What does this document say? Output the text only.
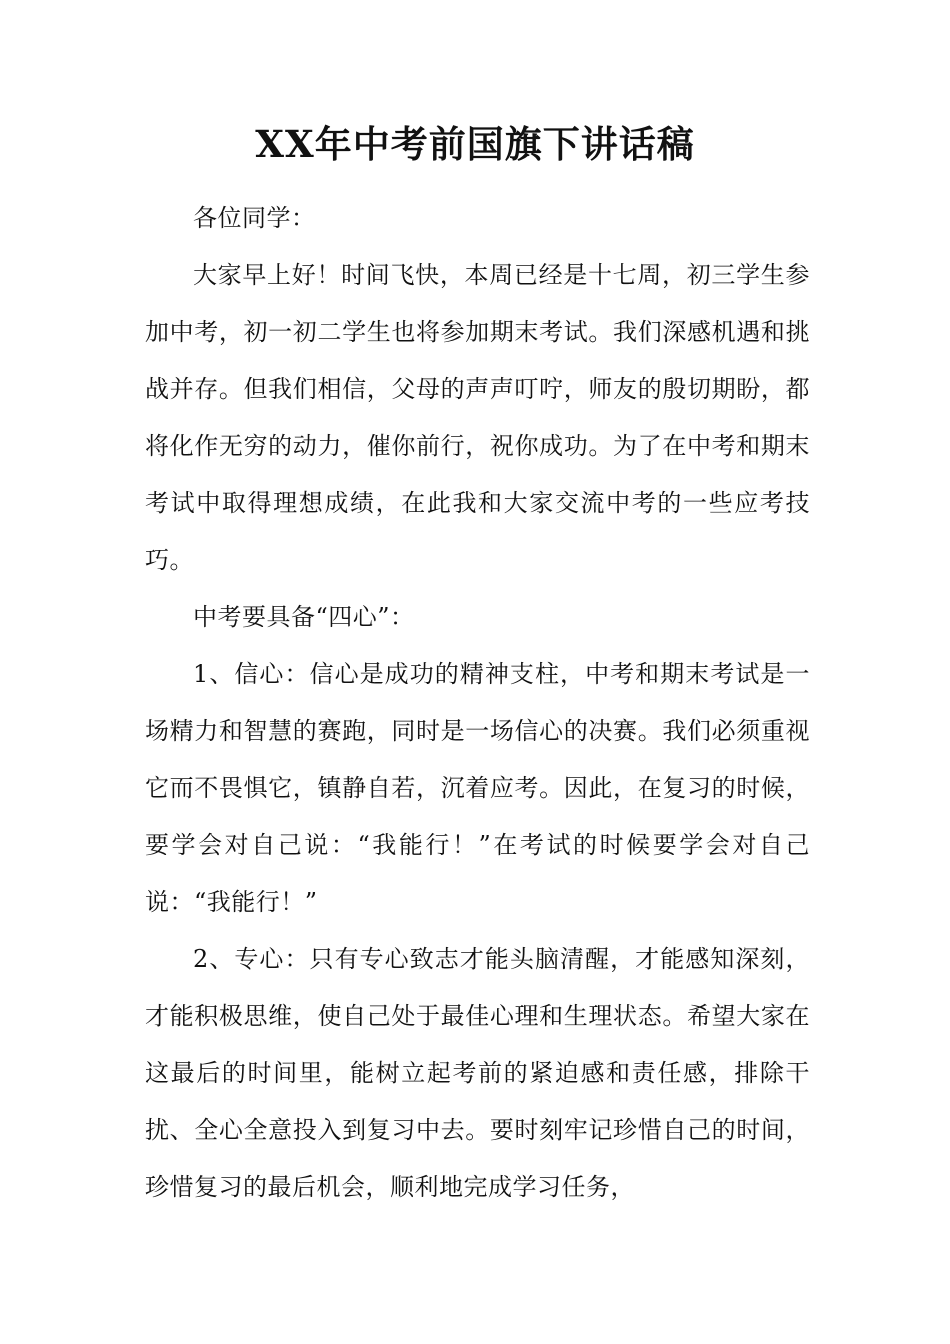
XX年中考前国旗下讲话稿

各位同学：

大家早上好！时间飞快，本周已经是十七周，初三学生参加中考，初一初二学生也将参加期末考试。我们深感机遇和挑战并存。但我们相信，父母的声声叮咛，师友的殷切期盼，都将化作无穷的动力，催你前行，祝你成功。为了在中考和期末考试中取得理想成绩，在此我和大家交流中考的一些应考技巧。

中考要具备“四心”：

1、信心：信心是成功的精神支柱，中考和期末考试是一场精力和智慧的赛跑，同时是一场信心的决赛。我们必须重视它而不畏惧它，镇静自若，沉着应考。因此，在复习的时候，要学会对自己说：“我能行！”在考试的时候要学会对自己说：“我能行！”

2、专心：只有专心致志才能头脑清醒，才能感知深刻，才能积极思维，使自己处于最佳心理和生理状态。希望大家在这最后的时间里，能树立起考前的紧迫感和责任感，排除干扰、全心全意投入到复习中去。要时刻牢记珍惜自己的时间，珍惜复习的最后机会，顺利地完成学习任务，
